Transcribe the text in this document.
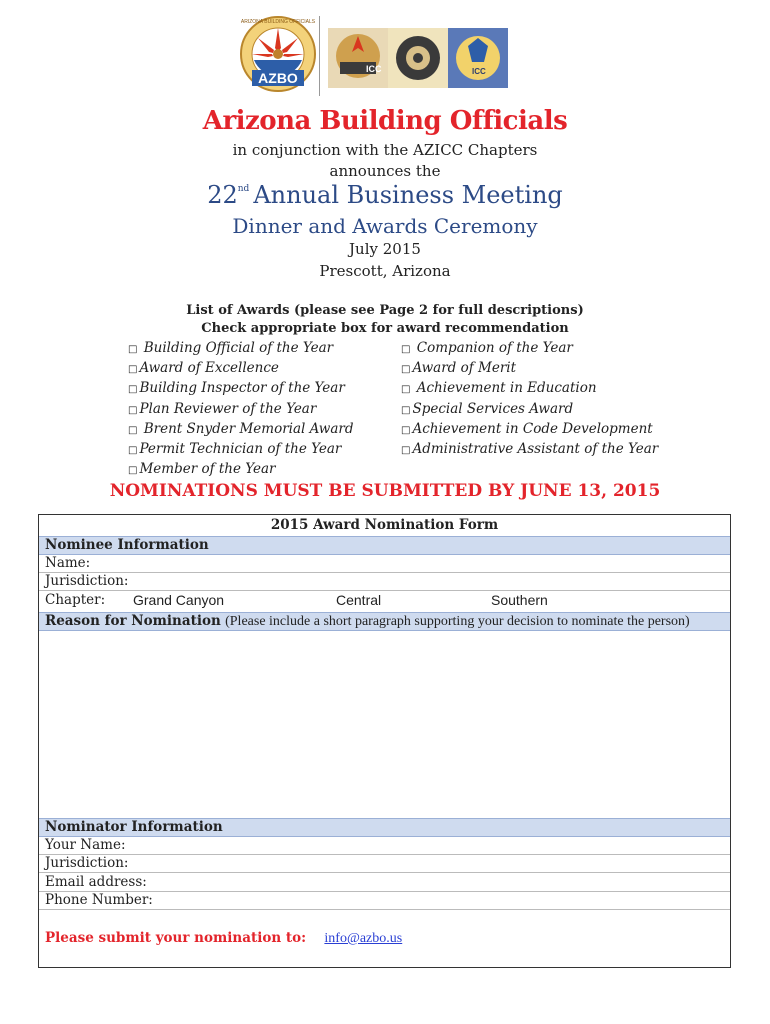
AZBO
ARIZONA BUILDING OFFICIALS
ICC	ICC
Arizona Building Officials
in conjunction with the AZICC Chapters
announces the
22nd Annual Business Meeting
Dinner and Awards Ceremony
July 2015
Prescott, Arizona
List of Awards (please see Page 2 for full descriptions)
Check appropriate box for award recommendation
□ Building Official of the Year
□ Award of Excellence
□ Building Inspector of the Year
□ Plan Reviewer of the Year
□ Brent Snyder Memorial Award
□ Permit Technician of the Year
□ Member of the Year
□ Companion of the Year
□ Award of Merit
□ Achievement in Education
□ Special Services Award
□ Achievement in Code Development
□ Administrative Assistant of the Year
NOMINATIONS MUST BE SUBMITTED BY JUNE 13, 2015
2015 Award Nomination Form
Nominee Information
Name:
Jurisdiction:
Chapter: Grand Canyon	Central	Southern
Reason for Nomination (Please include a short paragraph supporting your decision to nominate the person)
Nominator Information
Your Name:
Jurisdiction:
Email address:
Phone Number:
Please submit your nomination to: info@azbo.us
